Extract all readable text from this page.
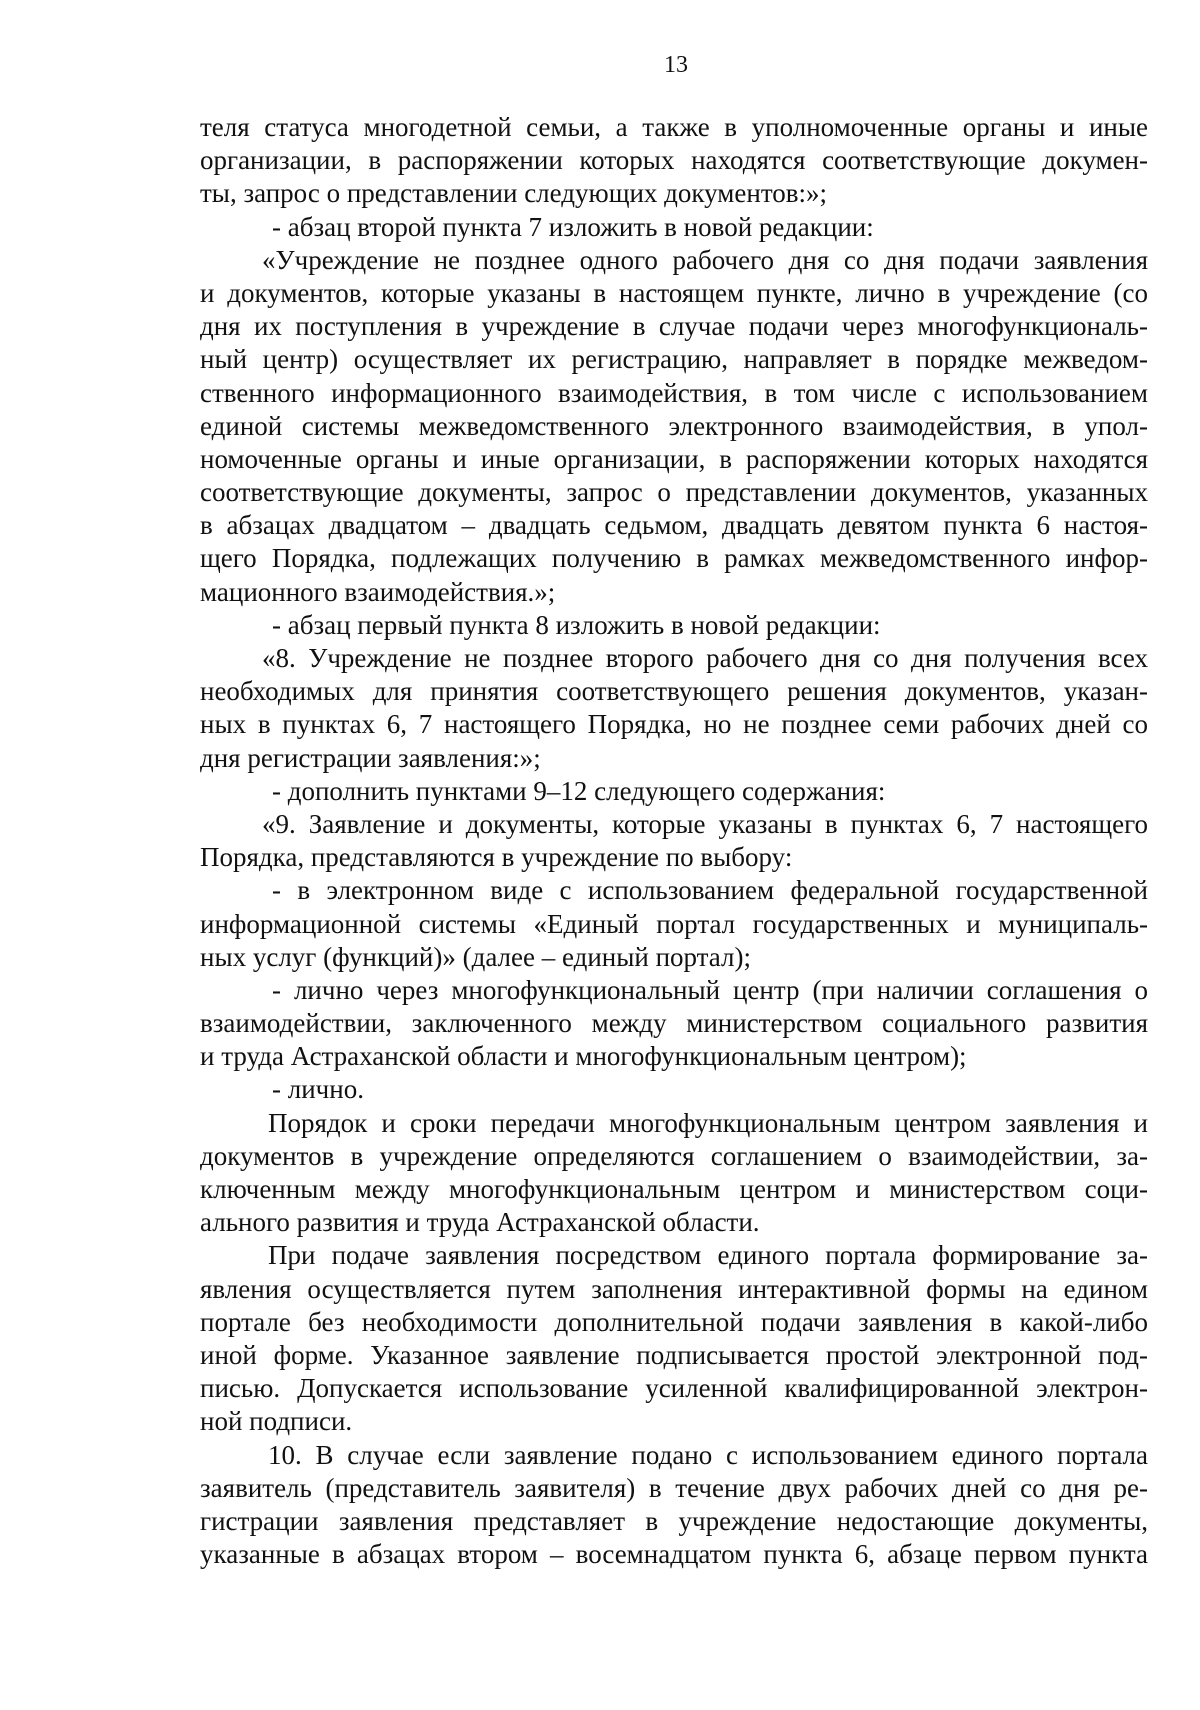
13
теля статуса многодетной семьи, а также в уполномоченные органы и иные
организации, в распоряжении которых находятся соответствующие докумен-
ты, запрос о представлении следующих документов:»;
- абзац второй пункта 7 изложить в новой редакции:
«Учреждение не позднее одного рабочего дня со дня подачи заявления
и документов, которые указаны в настоящем пункте, лично в учреждение (со
дня их поступления в учреждение в случае подачи через многофункциональ-
ный центр) осуществляет их регистрацию, направляет в порядке межведом-
ственного информационного взаимодействия, в том числе с использованием
единой системы межведомственного электронного взаимодействия, в упол-
номоченные органы и иные организации, в распоряжении которых находятся
соответствующие документы, запрос о представлении документов, указанных
в абзацах двадцатом – двадцать седьмом, двадцать девятом пункта 6 настоя-
щего Порядка, подлежащих получению в рамках межведомственного инфор-
мационного взаимодействия.»;
- абзац первый пункта 8 изложить в новой редакции:
«8. Учреждение не позднее второго рабочего дня со дня получения всех
необходимых для принятия соответствующего решения документов, указан-
ных в пунктах 6, 7 настоящего Порядка, но не позднее семи рабочих дней со
дня регистрации заявления:»;
- дополнить пунктами 9–12 следующего содержания:
«9. Заявление и документы, которые указаны в пунктах 6, 7 настоящего
Порядка, представляются в учреждение по выбору:
- в электронном виде с использованием федеральной государственной
информационной системы «Единый портал государственных и муниципаль-
ных услуг (функций)» (далее – единый портал);
- лично через многофункциональный центр (при наличии соглашения о
взаимодействии, заключенного между министерством социального развития
и труда Астраханской области и многофункциональным центром);
- лично.
Порядок и сроки передачи многофункциональным центром заявления и
документов в учреждение определяются соглашением о взаимодействии, за-
ключенным между многофункциональным центром и министерством соци-
ального развития и труда Астраханской области.
При подаче заявления посредством единого портала формирование за-
явления осуществляется путем заполнения интерактивной формы на едином
портале без необходимости дополнительной подачи заявления в какой-либо
иной форме. Указанное заявление подписывается простой электронной под-
писью. Допускается использование усиленной квалифицированной электрон-
ной подписи.
10. В случае если заявление подано с использованием единого портала
заявитель (представитель заявителя) в течение двух рабочих дней со дня ре-
гистрации заявления представляет в учреждение недостающие документы,
указанные в абзацах втором – восемнадцатом пункта 6, абзаце первом пункта
